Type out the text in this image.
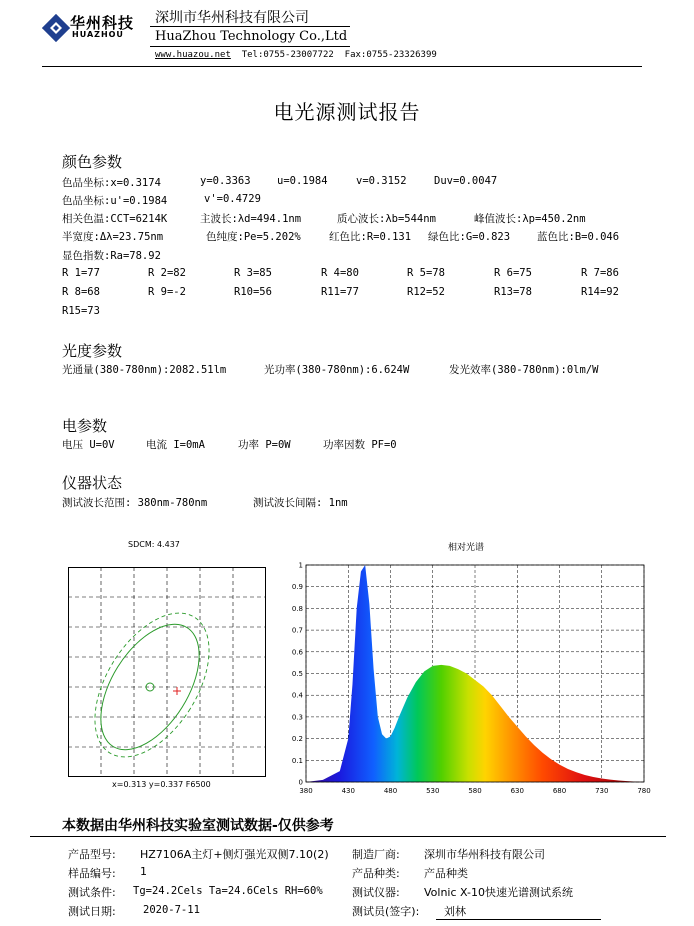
华州科技
HUAZHOU
深圳市华州科技有限公司
HuaZhou Technology Co.,Ltd
www.huazou.net Tel:0755-23007722 Fax:0755-23326399
电光源测试报告
颜色参数
色品坐标:x=0.3174	y=0.3363	u=0.1984	v=0.3152	Duv=0.0047
色品坐标:u'=0.1984	v'=0.4729
相关色温:CCT=6214K	主波长:λd=494.1nm	质心波长:λb=544nm	峰值波长:λp=450.2nm
半宽度:Δλ=23.75nm	色纯度:Pe=5.202%	红色比:R=0.131 绿色比:G=0.823	蓝色比:B=0.046
显色指数:Ra=78.92
R 1=77	R 2=82	R 3=85	R 4=80	R 5=78	R 6=75	R 7=86
R 8=68	R 9=-2	R10=56	R11=77	R12=52	R13=78	R14=92
R15=73
光度参数
光通量(380-780nm):2082.51lm	光功率(380-780nm):6.624W	发光效率(380-780nm):0lm/W
电参数
电压 U=0V	电流 I=0mA	功率 P=0W	功率因数 PF=0
仪器状态
测试波长范围: 380nm-780nm	测试波长间隔: 1nm
SDCM: 4.437
x=0.313 y=0.337 F6500
相对光谱
380	430	480	530	580	630	680	730	780
0
0.1
0.2
0.3
0.4
0.5
0.6
0.7
0.8
0.9
1
本数据由华州科技实验室测试数据-仅供参考
产品型号: HZ7106A主灯+侧灯强光双侧7.10(2) 制造厂商: 深圳市华州科技有限公司
样品编号: 1	产品种类: 产品种类
测试条件: Tg=24.2Cels Ta=24.6Cels RH=60%	测试仪器: Volnic X-10快速光谱测试系统
测试日期:	2020-7-11	测试员(签字):	刘林
